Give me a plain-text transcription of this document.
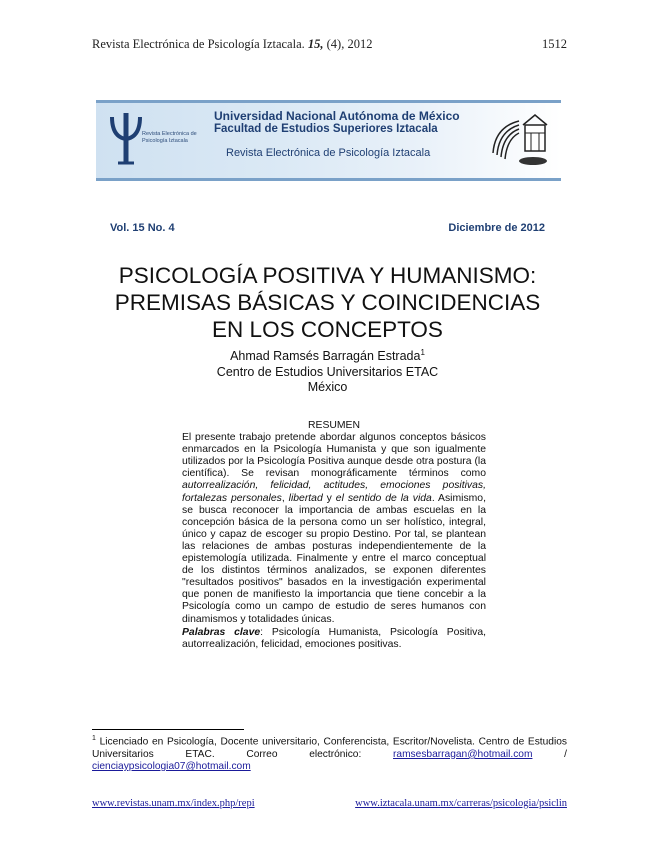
Revista Electrónica de Psicología Iztacala. 15, (4), 2012	1512
Revista Electrónica de Psicología Iztacala
Universidad Nacional Autónoma de México
Facultad de Estudios Superiores Iztacala
Revista Electrónica de Psicología Iztacala
Vol. 15 No. 4	Diciembre de 2012
PSICOLOGÍA POSITIVA Y HUMANISMO:
PREMISAS BÁSICAS Y COINCIDENCIAS
EN LOS CONCEPTOS
Ahmad Ramsés Barragán Estrada$^1$
Centro de Estudios Universitarios ETAC
México
RESUMEN

El presente trabajo pretende abordar algunos conceptos básicos enmarcados en la Psicología Humanista y que son igualmente utilizados por la Psicología Positiva aunque desde otra postura (la científica). Se revisan monográficamente términos como autorrealización, felicidad, actitudes, emociones positivas, fortalezas personales, libertad y el sentido de la vida. Asimismo, se busca reconocer la importancia de ambas escuelas en la concepción básica de la persona como un ser holístico, integral, único y capaz de escoger su propio Destino. Por tal, se plantean las relaciones de ambas posturas independientemente de la epistemología utilizada. Finalmente y entre el marco conceptual de los distintos términos analizados, se exponen diferentes "resultados positivos" basados en la investigación experimental que ponen de manifiesto la importancia que tiene concebir a la Psicología como un campo de estudio de seres humanos con dinamismos y totalidades únicas.

Palabras clave: Psicología Humanista, Psicología Positiva, autorrealización, felicidad, emociones positivas.

$^1$ Licenciado en Psicología, Docente universitario, Conferencista, Escritor/Novelista. Centro de Estudios Universitarios ETAC. Correo electrónico: ramsesbarragan@hotmail.com / cienciaypsicologia07@hotmail.com
www.revistas.unam.mx/index.php/repi	www.iztacala.unam.mx/carreras/psicologia/psiclin
